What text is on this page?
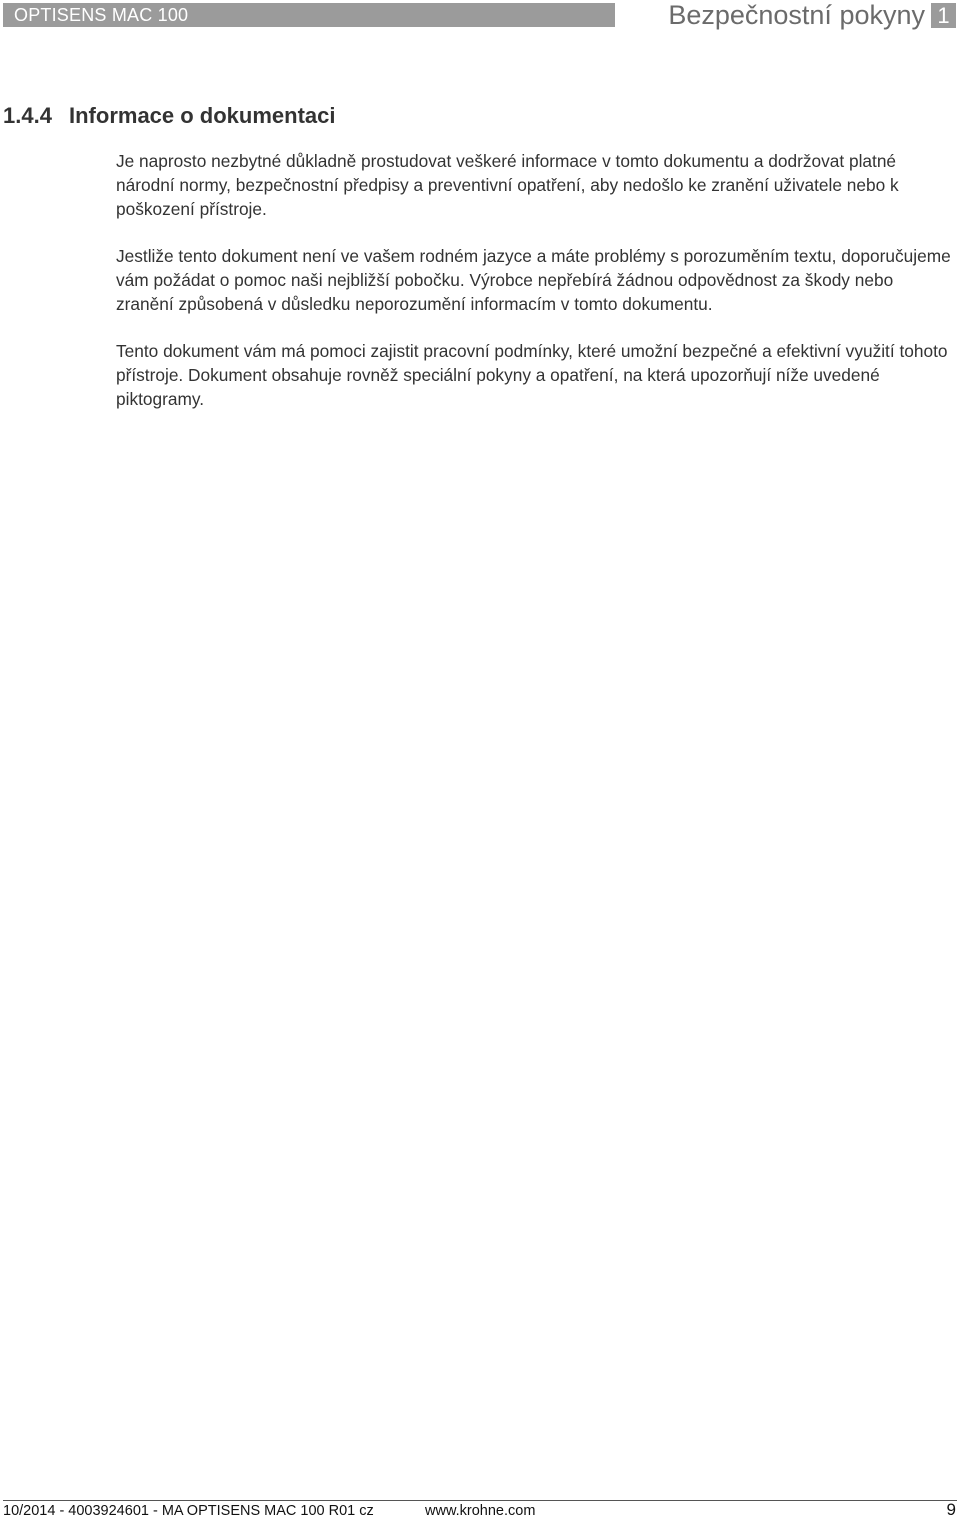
OPTISENS MAC 100	Bezpečnostní pokyny 1
1.4.4 Informace o dokumentaci

Je naprosto nezbytné důkladně prostudovat veškeré informace v tomto dokumentu a dodržovat platné národní normy, bezpečnostní předpisy a preventivní opatření, aby nedošlo ke zranění uživatele nebo k poškození přístroje.

Jestliže tento dokument není ve vašem rodném jazyce a máte problémy s porozuměním textu, doporučujeme vám požádat o pomoc naši nejbližší pobočku. Výrobce nepřebírá žádnou odpovědnost za škody nebo zranění způsobená v důsledku neporozumění informacím v tomto dokumentu.

Tento dokument vám má pomoci zajistit pracovní podmínky, které umožní bezpečné a efektivní využití tohoto přístroje. Dokument obsahuje rovněž speciální pokyny a opatření, na která upozorňují níže uvedené piktogramy.

10/2014 - 4003924601 - MA OPTISENS MAC 100 R01 cz	www.krohne.com	9
